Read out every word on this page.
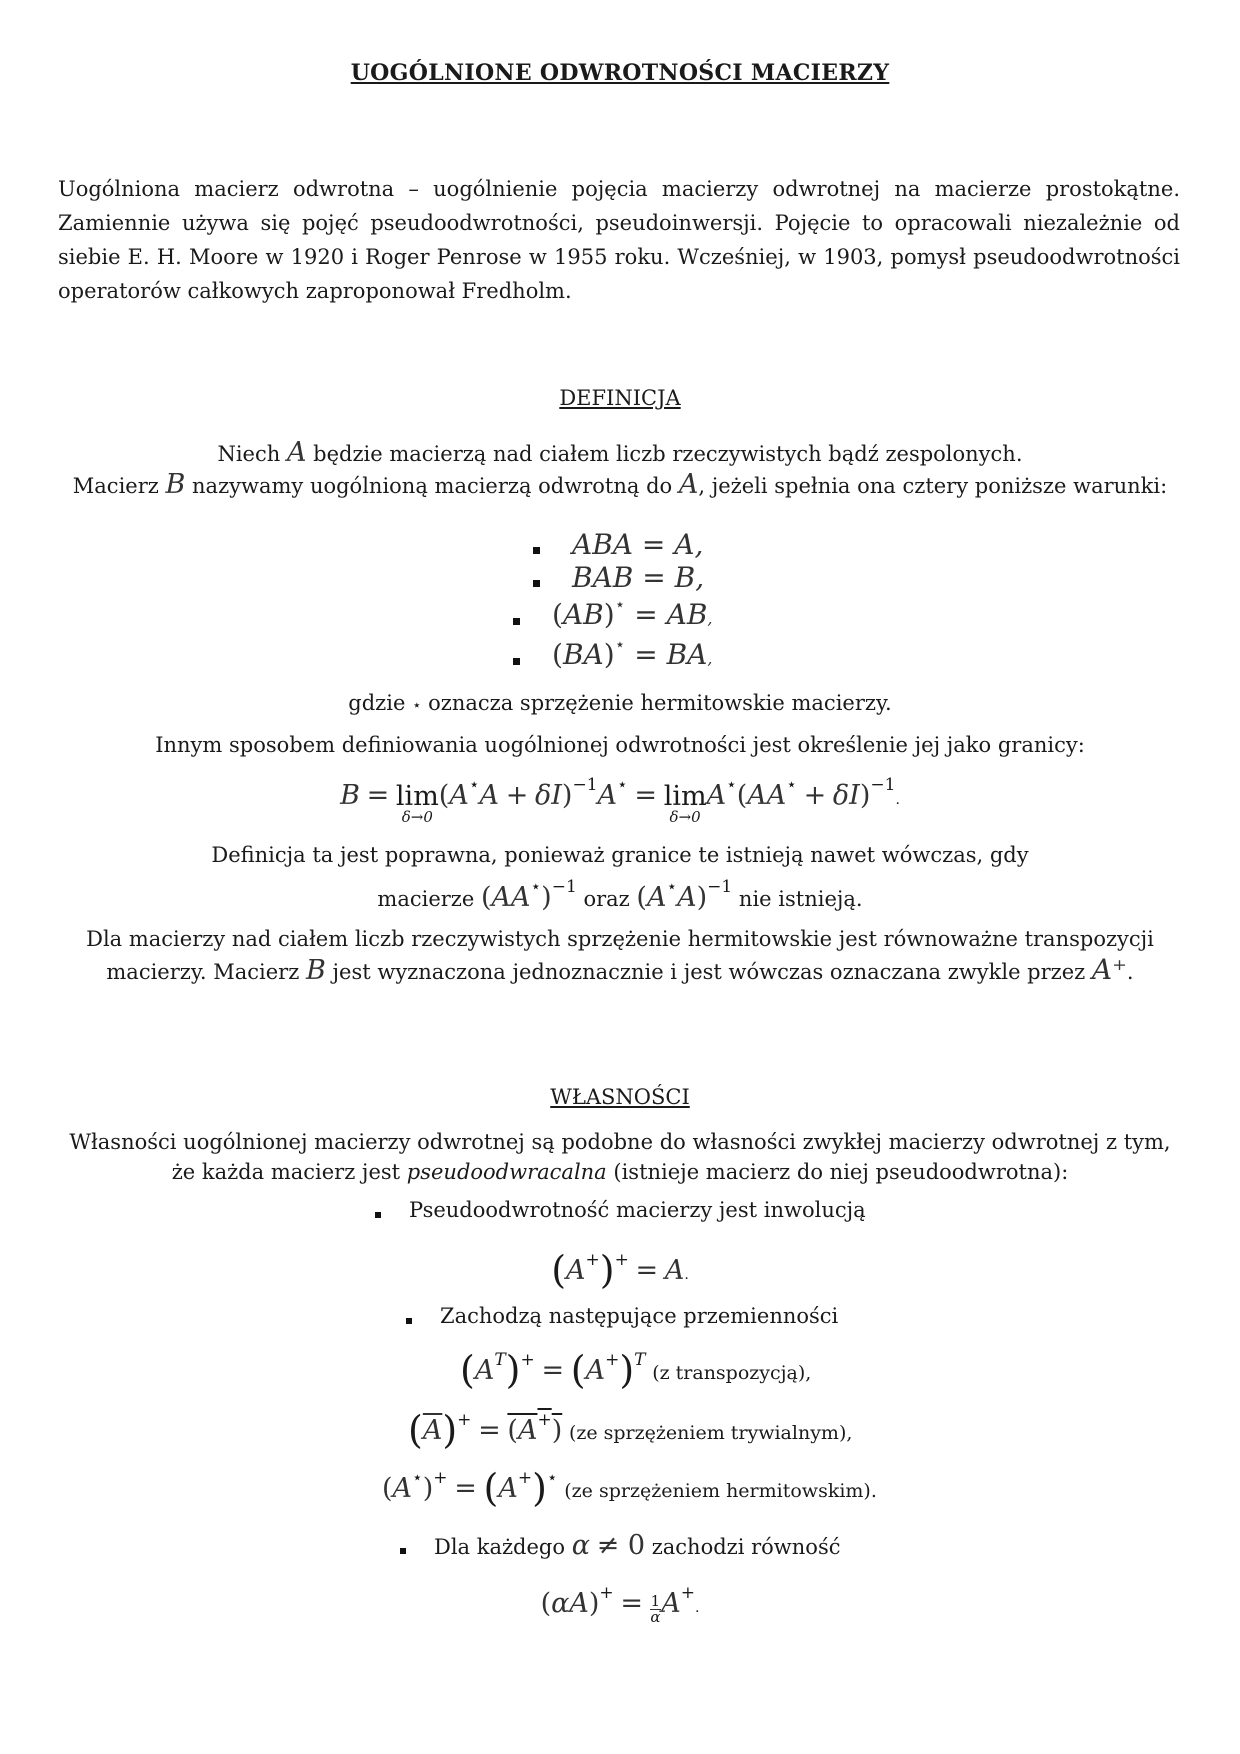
UOGÓLNIONE ODWROTNOŚCI MACIERZY
Uogólniona macierz odwrotna – uogólnienie pojęcia macierzy odwrotnej na macierze prostokątne. Zamiennie używa się pojęć pseudoodwrotności, pseudoinwersji. Pojęcie to opracowali niezależnie od siebie E. H. Moore w 1920 i Roger Penrose w 1955 roku. Wcześniej, w 1903, pomysł pseudoodwrotności operatorów całkowych zaproponował Fredholm.
DEFINICJA
Niech A będzie macierzą nad ciałem liczb rzeczywistych bądź zespolonych.
Macierz B nazywamy uogólnioną macierzą odwrotną do A, jeżeli spełnia ona cztery poniższe warunki:
ABA = A,
BAB = B,
(AB)⋆ = AB,
(BA)⋆ = BA,
gdzie ⋆ oznacza sprzężenie hermitowskie macierzy.
Innym sposobem definiowania uogólnionej odwrotności jest określenie jej jako granicy:
B = lim
δ→0
$(A^⋆A + \delta I)^{-1}A^⋆ = \lim$
δ→0
$A^⋆(AA^⋆ + \delta I)^{-1}$.
Definicja ta jest poprawna, ponieważ granice te istnieją nawet wówczas, gdy
macierze $(AA^⋆)^{-1}$ oraz $(A^⋆A)^{-1}$ nie istnieją.
Dla macierzy nad ciałem liczb rzeczywistych sprzężenie hermitowskie jest równoważne transpozycji
macierzy. Macierz B jest wyznaczona jednoznacznie i jest wówczas oznaczana zwykle przez A⁺.
WŁASNOŚCI
Własności uogólnionej macierzy odwrotnej są podobne do własności zwykłej macierzy odwrotnej z tym,
że każda macierz jest pseudoodwracalna (istnieje macierz do niej pseudoodwrotna):
Pseudoodwrotność macierzy jest inwolucją
(A+)+ = A.
Zachodzą następujące przemienności
$(A^T)^+ = (A^+)^T$ (z transpozycją),
$(\overline{A})^+ = (A^+)$ (ze sprzężeniem trywialnym),
(A⋆)+ = (A+)⋆ (ze sprzężeniem hermitowskim).
Dla każdego α ≠ 0 zachodzi równość
$(\alpha A)^+ = \frac{1}{\alpha} A^+$.
